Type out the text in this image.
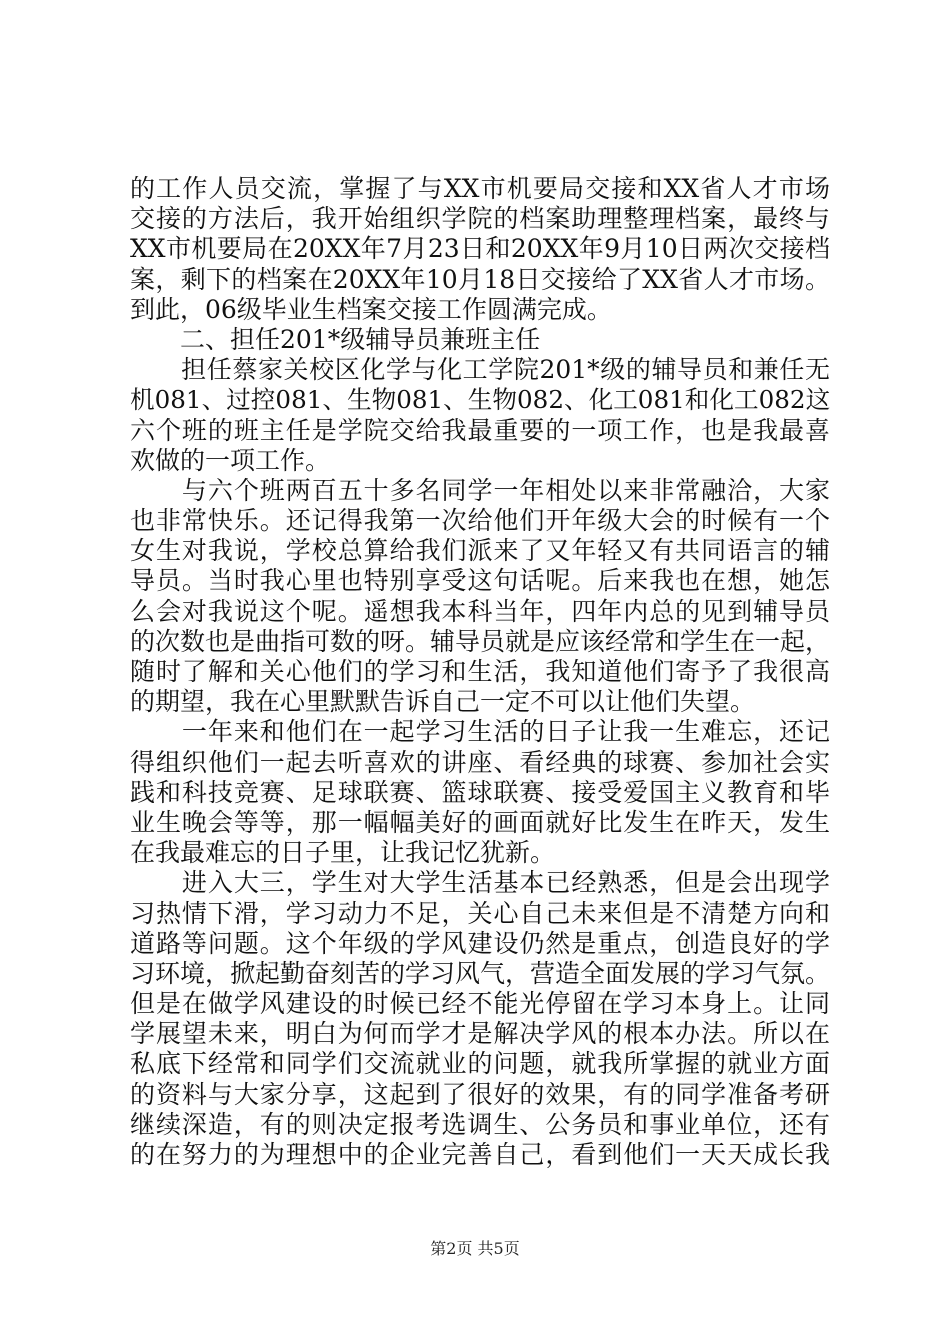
的工作人员交流，掌握了与XX市机要局交接和XX省人才市场
交接的方法后，我开始组织学院的档案助理整理档案，最终与
XX市机要局在20XX年7月23日和20XX年9月10日两次交接档
案，剩下的档案在20XX年10月18日交接给了XX省人才市场。
到此，06级毕业生档案交接工作圆满完成。
　　二、担任201*级辅导员兼班主任
　　担任蔡家关校区化学与化工学院201*级的辅导员和兼任无
机081、过控081、生物081、生物082、化工081和化工082这
六个班的班主任是学院交给我最重要的一项工作，也是我最喜
欢做的一项工作。
　　与六个班两百五十多名同学一年相处以来非常融洽，大家
也非常快乐。还记得我第一次给他们开年级大会的时候有一个
女生对我说，学校总算给我们派来了又年轻又有共同语言的辅
导员。当时我心里也特别享受这句话呢。后来我也在想，她怎
么会对我说这个呢。遥想我本科当年，四年内总的见到辅导员
的次数也是曲指可数的呀。辅导员就是应该经常和学生在一起，
随时了解和关心他们的学习和生活，我知道他们寄予了我很高
的期望，我在心里默默告诉自己一定不可以让他们失望。
　　一年来和他们在一起学习生活的日子让我一生难忘，还记
得组织他们一起去听喜欢的讲座、看经典的球赛、参加社会实
践和科技竞赛、足球联赛、篮球联赛、接受爱国主义教育和毕
业生晚会等等，那一幅幅美好的画面就好比发生在昨天，发生
在我最难忘的日子里，让我记忆犹新。
　　进入大三，学生对大学生活基本已经熟悉，但是会出现学
习热情下滑，学习动力不足，关心自己未来但是不清楚方向和
道路等问题。这个年级的学风建设仍然是重点，创造良好的学
习环境，掀起勤奋刻苦的学习风气，营造全面发展的学习气氛。
但是在做学风建设的时候已经不能光停留在学习本身上。让同
学展望未来，明白为何而学才是解决学风的根本办法。所以在
私底下经常和同学们交流就业的问题，就我所掌握的就业方面
的资料与大家分享，这起到了很好的效果，有的同学准备考研
继续深造，有的则决定报考选调生、公务员和事业单位，还有
的在努力的为理想中的企业完善自己，看到他们一天天成长我
第2页 共5页
